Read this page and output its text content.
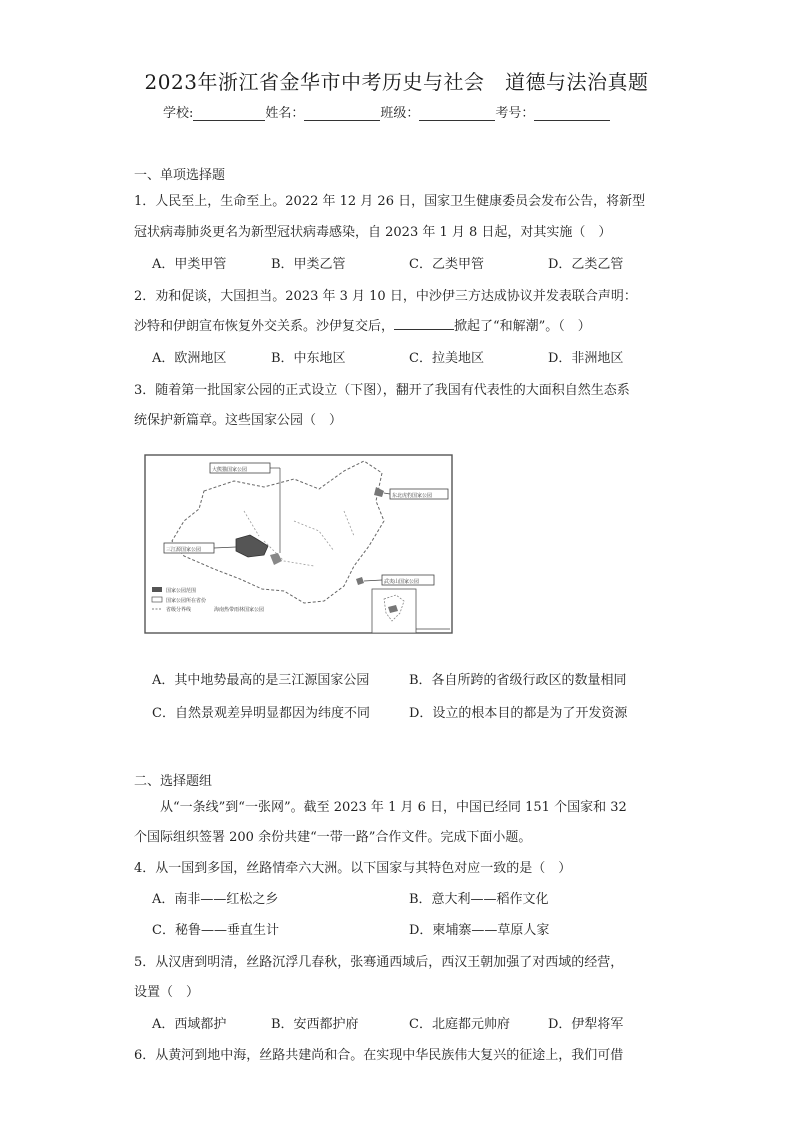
2023年浙江省金华市中考历史与社会　道德与法治真题
学校:	姓名：	班级：	考号：
一、单项选择题
1．人民至上，生命至上。2022 年 12 月 26 日，国家卫生健康委员会发布公告，将新型
冠状病毒肺炎更名为新型冠状病毒感染，自 2023 年 1 月 8 日起，对其实施（　）
A．甲类甲管	B．甲类乙管	C．乙类甲管	D．乙类乙管
2．劝和促谈，大国担当。2023 年 3 月 10 日，中沙伊三方达成协议并发表联合声明：
沙特和伊朗宣布恢复外交关系。沙伊复交后，	掀起了“和解潮”。（　）
A．欧洲地区	B．中东地区	C．拉美地区	D．非洲地区
3．随着第一批国家公园的正式设立（下图），翻开了我国有代表性的大面积自然生态系
统保护新篇章。这些国家公园（　）
大熊猫国家公园
东北虎豹国家公园
三江源国家公园
武夷山国家公园
国家公园范围
国家公园所在省份
省级分界线	海南热带雨林国家公园
A．其中地势最高的是三江源国家公园	B．各自所跨的省级行政区的数量相同
C．自然景观差异明显都因为纬度不同	D．设立的根本目的都是为了开发资源
二、选择题组
从“一条线”到“一张网”。截至 2023 年 1 月 6 日，中国已经同 151 个国家和 32
个国际组织签署 200 余份共建“一带一路”合作文件。完成下面小题。
4．从一国到多国，丝路情牵六大洲。以下国家与其特色对应一致的是（　）
A．南非——红松之乡	B．意大利——稻作文化
C．秘鲁——垂直生计	D．柬埔寨——草原人家
5．从汉唐到明清，丝路沉浮几春秋，张骞通西域后，西汉王朝加强了对西域的经营，
设置（　）
A．西域都护	B．安西都护府	C．北庭都元帅府	D．伊犁将军
6．从黄河到地中海，丝路共建尚和合。在实现中华民族伟大复兴的征途上，我们可借
